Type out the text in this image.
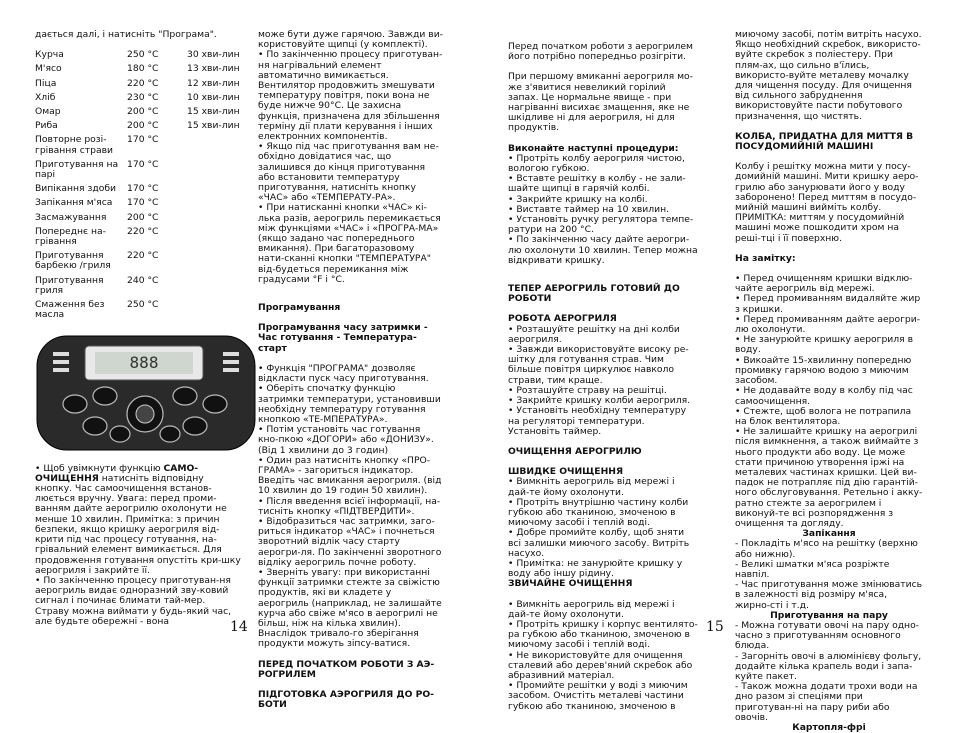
дається далі, і натисніть "Програма".

Курча	250 °C	30 хви-лин
М'ясо	180 °C	13 хви-лин
Піца	220 °C	12 хви-лин
Хліб	230 °C	10 хви-лин
Омар	200 °C	15 хви-лин
Риба	200 °C	15 хви-лин
Повторне розі-грівання страви	170 °C	
Приготування на парі	170 °C	
Випікання здоби	170 °C	
Запікання м'яса	170 °C	
Засмажування	200 °C	
Попереднє на-грівання	220 °C	
Приготування барбекю /гриля	220 °C	
Приготування гриля	240 °C	
Смаження без масла	250 °C	
888

• Щоб увімкнути функцію САМО-ОЧИЩЕННЯ натисніть відповідну кнопку. Час самоочищення встанов-люється вручну. Увага: перед проми-ванням дайте аерогрилю охолонути не менше 10 хвилин. Примітка: з причин безпеки, якщо кришку аерогриля від-крити під час процесу готування, на-грівальний елемент вимикається. Для продовження готування опустіть кри-шку аерогриля і закрийте її.

• По закінченню процесу приготуван-ня аерогриль видає одноразний зву-ковий сигнал і починає блимати тай-мер. Страву можна виймати у будь-який час, але будьте обережні - вона	14

може бути дуже гарячою. Завжди ви-користовуйте щипці (у комплекті).

• По закінченню процесу приготуван-ня нагрівальний елемент автоматично вимикається. Вентилятор продовжить змешувати температуру повітря, поки вона не буде нижче 90°С. Це захисна функція, призначена для збільшення терміну дії плати керування і інших електронних компонентів.

• Якщо під час приготування вам не-обхідно довідатися час, що залишився до кінця приготування або встановити температуру приготування, натисніть кнопку «ЧАС» або «ТЕМПЕРАТУ-РА».

• При натисканні кнопки «ЧАС» кі-лька разів, аерогриль перемикається між функціями «ЧАС» і «ПРОГРА-МА» (якщо задано час попереднього вмикання). При багаторазовому нати-сканні кнопки "ТЕМПЕРАТУРА" від-будеться перемикання між градусами °F і °C.

Програмування

Програмування часу затримки - Час готування - Температура-старт

• Функція "ПРОГРАМА" дозволяє відкласти пуск часу приготування.

• Оберіть спочатку функцію затримки температури, установивши необхідну температуру готування кнопкою «ТЕ-МПЕРАТУРА».

• Потім установіть час готування кно-пкою «ДОГОРИ» або «ДОНИЗУ». (Від 1 хвилини до 3 годин)

• Один раз натисніть кнопку «ПРО-ГРАМА» - загориться індикатор. Введіть час вмикання аерогриля. (від 10 хвилин до 19 годин 50 хвилин).

• Після введення всієї інформації, на-тисніть кнопку «ПІДТВЕРДИТИ».

• Відобразиться час затримки, заго-риться індикатор «ЧАС» і почнеться зворотний відлік часу старту аерогри-ля. По закінченні зворотного відліку аерогриль почне роботу.

• Зверніть увагу: при використанні функції затримки стежте за свіжістю продуктів, які ви кладете у аерогриль (наприклад, не залишайте курча або свіже м'ясо в аерогрилі не більш, ніж на кілька хвилин). Внаслідок тривало-го зберігання продукти можуть зіпсу-ватися.

ПЕРЕД ПОЧАТКОМ РОБОТИ З АЭ-РОГРИЛЕМ

ПІДГОТОВКА АЭРОГРИЛЯ ДО РО-БОТИ

Перед початком роботи з аерогрилем його потрібно попередньо розігріти.

При першому вмиканні аерогриля мо-же з'явитися невеликий горілий запах. Це нормальне явище - при нагріванні висихає змащення, яке не шкідливе ні для аерогриля, ні для продуктів.

Виконайте наступні процедури:

• Протріть колбу аерогриля чистою, вологою губкою.

• Вставте решітку в колбу - не зали-шайте щипці в гарячій колбі.

• Закрийте кришку на колбі.

• Виставте таймер на 10 хвилин.

• Установіть ручку регулятора темпе-ратури на 200 °С.

• По закінченню часу дайте аерогри-лю охолонути 10 хвилин. Тепер можна відкривати кришку.

ТЕПЕР АЕРОГРИЛЬ ГОТОВИЙ ДО РОБОТИ

РОБОТА АЕРОГРИЛЯ

• Розташуйте решітку на дні колби аерогриля.

• Завжди використовуйте високу ре-шітку для готування страв. Чим більше повітря циркулює навколо страви, тим краще.

• Розташуйте страву на решітці.

• Закрийте кришку колби аерогриля.

• Установіть необхідну температуру на регуляторі температури. Установіть таймер.

ОЧИЩЕННЯ АЕРОГРИЛЮ

ШВИДКЕ ОЧИЩЕННЯ

• Вимкніть аерогриль від мережі і дай-те йому охолонути.

• Протріть внутрішню частину колби губкою або тканиною, змоченою в миючому засобі і теплій воді.

• Добре промийте колбу, щоб зняти всі залишки миючого засобу. Витріть насухо.

• Примітка: не занурюйте кришку у воду або іншу рідину.

ЗВИЧАЙНЕ ОЧИЩЕННЯ

• Вимкніть аерогриль від мережі і дай-те йому охолонути.

• Протріть кришку і корпус вентилято-ра губкою або тканиною, змоченою в миючому засобі і теплій воді.

• Не використовуйте для очищення сталевий або дерев'яний скребок або абразивний матеріал.

• Промийте решітки у воді з миючим засобом. Очистіть металеві частини губкою або тканиною, змоченою в

15

миючому засобі, потім витріть насухо. Якщо необхідний скребок, використо-вуйте скребок з поліестеру. При плям-ах, що сильно в'їлись, використо-вуйте металеву мочалку для чищення посуду. Для очищення від сильного забруднення використовуйте пасти побутового призначення, що чистять.

КОЛБА, ПРИДАТНА ДЛЯ МИТТЯ В ПОСУДОМИЙНІЙ МАШИНІ

Колбу і решітку можна мити у посу-домийній машині. Мити кришку аеро-грилю або занурювати його у воду заборонено! Перед миттям в посудо-мийній машині вийміть колбу. ПРИМІТКА: миттям у посудомийній машині може пошкодити хром на реші-тці і її поверхню.

На замітку:

• Перед очищенням кришки відклю-чайте аерогриль від мережі.

• Перед промиванням видаляйте жир з кришки.

• Перед промиванням дайте аерогри-лю охолонути.

• Не занурюйте кришку аерогриля в воду.

• Викоайте 15-хвилинну попередню промивку гарячою водою з миючим засобом.

• Не додавайте воду в колбу під час самоочищення.

• Стежте, щоб волога не потрапила на блок вентилятора.

• Не залишайте кришку на аерогрилі після вимкнення, а також виймайте з нього продукти або воду. Це може стати причиною утворення іржі на металевих частинах кришки. Цей ви-падок не потрапляє під дію гарантій-ного обслуговування. Ретельно і акку-ратно стежте за аерогрилем і виконуй-те всі розпорядження з очищення та догляду.

Запікання

- Покладіть м'ясо на решітку (верхню або нижню).

- Великі шматки м'яса розріжте навпіл.

- Час приготування може змінюватись в залежності від розміру м'яса, жирно-сті і т.д.

Приготування на пару

- Можна готувати овочі на пару одно-часно з приготуванням основного блюда.

- Загорніть овочі в алюмінієву фольгу, додайте кілька крапель води і запа-куйте пакет.

- Також можна додати трохи води на дно разом зі спеціями при приготуван-ні на пару риби або овочів.

Картопля-фрі
